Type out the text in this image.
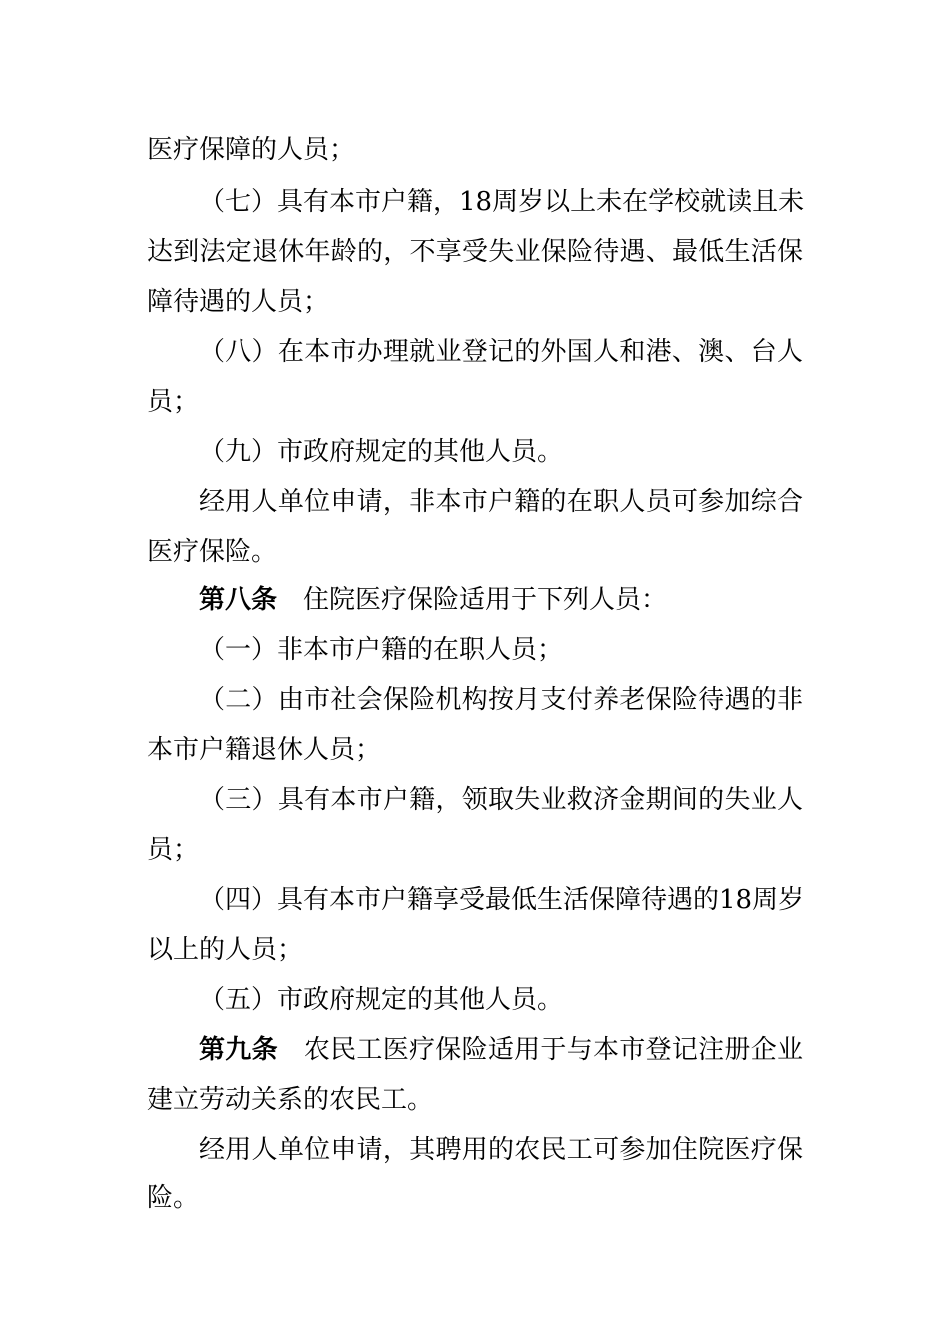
医疗保障的人员；
（七）具有本市户籍，18周岁以上未在学校就读且未
达到法定退休年龄的，不享受失业保险待遇、最低生活保
障待遇的人员；
（八）在本市办理就业登记的外国人和港、澳、台人
员；
（九）市政府规定的其他人员。
经用人单位申请，非本市户籍的在职人员可参加综合
医疗保险。
第八条 住院医疗保险适用于下列人员：
（一）非本市户籍的在职人员；
（二）由市社会保险机构按月支付养老保险待遇的非
本市户籍退休人员；
（三）具有本市户籍，领取失业救济金期间的失业人
员；
（四）具有本市户籍享受最低生活保障待遇的18周岁
以上的人员；
（五）市政府规定的其他人员。
第九条 农民工医疗保险适用于与本市登记注册企业
建立劳动关系的农民工。
经用人单位申请，其聘用的农民工可参加住院医疗保
险。
